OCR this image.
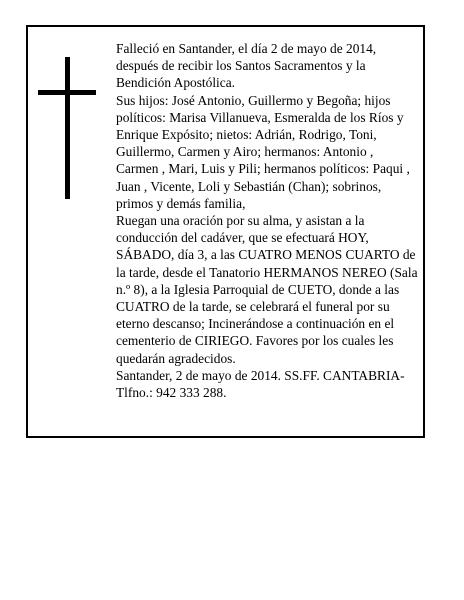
Falleció en Santander, el día 2 de mayo de 2014, después de recibir los Santos Sacramentos y la Bendición Apostólica.

Sus hijos: José Antonio, Guillermo y Begoña; hijos políticos: Marisa Villanueva, Esmeralda de los Ríos y Enrique Expósito; nietos: Adrián, Rodrigo, Toni, Guillermo, Carmen y Airo; hermanos: Antonio , Carmen , Mari, Luis y Pili; hermanos políticos: Paqui , Juan , Vicente, Loli y Sebastián (Chan); sobrinos, primos y demás familia,

Ruegan una oración por su alma, y asistan a la conducción del cadáver, que se efectuará HOY, SÁBADO, día 3, a las CUATRO MENOS CUARTO de la tarde, desde el Tanatorio HERMANOS NEREO (Sala n.º 8), a la Iglesia Parroquial de CUETO, donde a las CUATRO de la tarde, se celebrará el funeral por su eterno descanso; Incinerándose a continuación en el cementerio de CIRIEGO. Favores por los cuales les quedarán agradecidos.

Santander, 2 de mayo de 2014. SS.FF. CANTABRIA-Tlfno.: 942 333 288.
